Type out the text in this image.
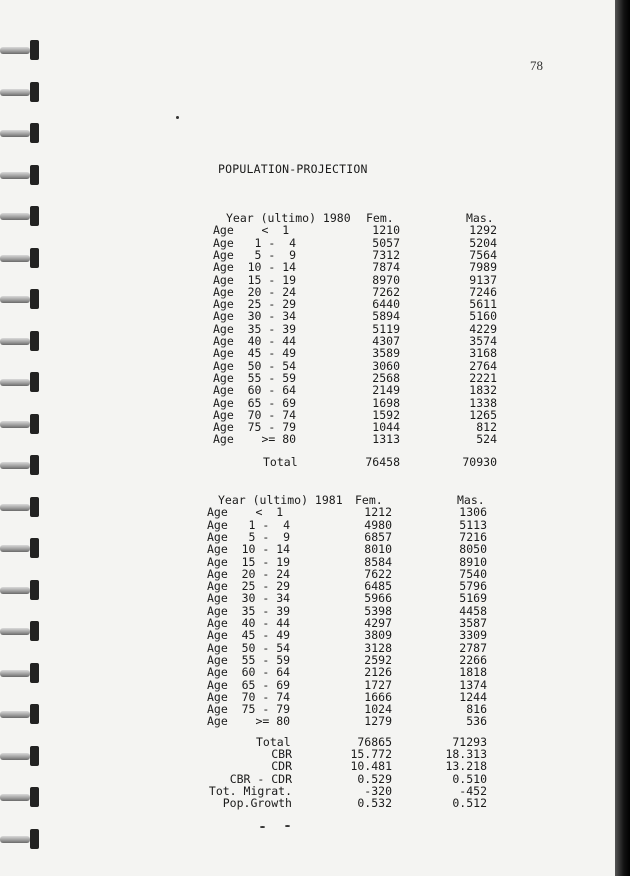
78
POPULATION-PROJECTION
Year (ultimo) 1980 Fem.	Mas.
Age    <  1	1210	1292
Age   1 -  4	5057	5204
Age   5 -  9	7312	7564
Age  10 - 14	7874	7989
Age  15 - 19	8970	9137
Age  20 - 24	7262	7246
Age  25 - 29	6440	5611
Age  30 - 34	5894	5160
Age  35 - 39	5119	4229
Age  40 - 44	4307	3574
Age  45 - 49	3589	3168
Age  50 - 54	3060	2764
Age  55 - 59	2568	2221
Age  60 - 64	2149	1832
Age  65 - 69	1698	1338
Age  70 - 74	1592	1265
Age  75 - 79	1044	812
Age    >= 80	1313	524
Total	76458	70930
Year (ultimo) 1981 Fem.	Mas.
Age    <  1	1212	1306
Age   1 -  4	4980	5113
Age   5 -  9	6857	7216
Age  10 - 14	8010	8050
Age  15 - 19	8584	8910
Age  20 - 24	7622	7540
Age  25 - 29	6485	5796
Age  30 - 34	5966	5169
Age  35 - 39	5398	4458
Age  40 - 44	4297	3587
Age  45 - 49	3809	3309
Age  50 - 54	3128	2787
Age  55 - 59	2592	2266
Age  60 - 64	2126	1818
Age  65 - 69	1727	1374
Age  70 - 74	1666	1244
Age  75 - 79	1024	816
Age    >= 80	1279	536
Total	76865	71293
CBR	15.772	18.313
CDR	10.481	13.218
CBR - CDR	0.529	0.510
Tot. Migrat.	-320	-452
Pop.Growth	0.532	0.512
